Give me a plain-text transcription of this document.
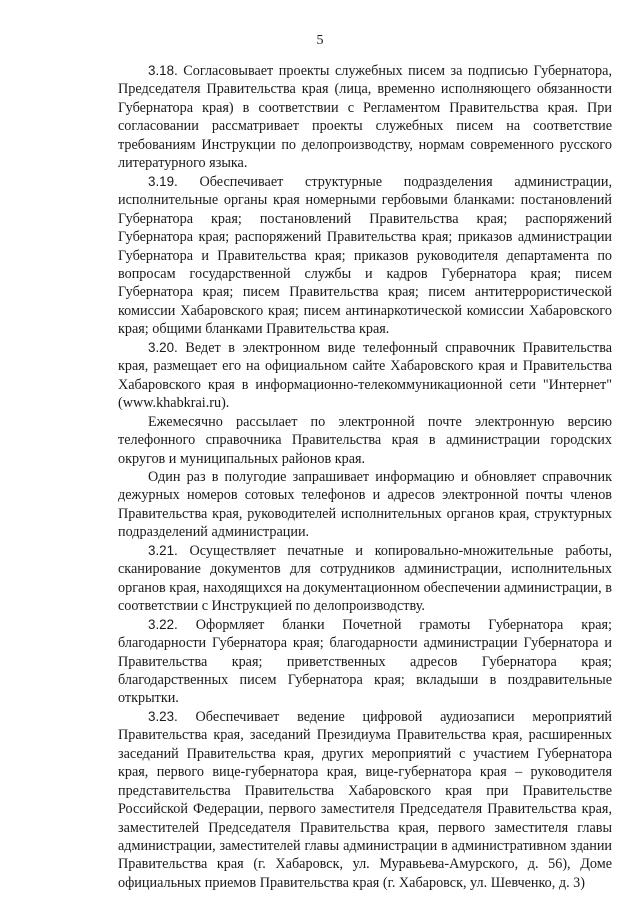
5

3.18. Согласовывает проекты служебных писем за подписью Губернатора, Председателя Правительства края (лица, временно исполняющего обязанности Губернатора края) в соответствии с Регламентом Правительства края. При согласовании рассматривает проекты служебных писем на соответствие требованиям Инструкции по делопроизводству, нормам современного русского литературного языка.

3.19. Обеспечивает структурные подразделения администрации, исполнительные органы края номерными гербовыми бланками: постановлений Губернатора края; постановлений Правительства края; распоряжений Губернатора края; распоряжений Правительства края; приказов администрации Губернатора и Правительства края; приказов руководителя департамента по вопросам государственной службы и кадров Губернатора края; писем Губернатора края; писем Правительства края; писем антитеррористической комиссии Хабаровского края; писем антинаркотической комиссии Хабаровского края; общими бланками Правительства края.

3.20. Ведет в электронном виде телефонный справочник Правительства края, размещает его на официальном сайте Хабаровского края и Правительства Хабаровского края в информационно-телекоммуникационной сети "Интернет" (www.khabkrai.ru).

Ежемесячно рассылает по электронной почте электронную версию телефонного справочника Правительства края в администрации городских округов и муниципальных районов края.

Один раз в полугодие запрашивает информацию и обновляет справочник дежурных номеров сотовых телефонов и адресов электронной почты членов Правительства края, руководителей исполнительных органов края, структурных подразделений администрации.

3.21. Осуществляет печатные и копировально-множительные работы, сканирование документов для сотрудников администрации, исполнительных органов края, находящихся на документационном обеспечении администрации, в соответствии с Инструкцией по делопроизводству.

3.22. Оформляет бланки Почетной грамоты Губернатора края; благодарности Губернатора края; благодарности администрации Губернатора и Правительства края; приветственных адресов Губернатора края; благодарственных писем Губернатора края; вкладыши в поздравительные открытки.

3.23. Обеспечивает ведение цифровой аудиозаписи мероприятий Правительства края, заседаний Президиума Правительства края, расширенных заседаний Правительства края, других мероприятий с участием Губернатора края, первого вице-губернатора края, вице-губернатора края – руководителя представительства Правительства Хабаровского края при Правительстве Российской Федерации, первого заместителя Председателя Правительства края, заместителей Председателя Правительства края, первого заместителя главы администрации, заместителей главы администрации в административном здании Правительства края (г. Хабаровск, ул. Муравьева-Амурского, д. 56), Доме официальных приемов Правительства края (г. Хабаровск, ул. Шевченко, д. 3)
